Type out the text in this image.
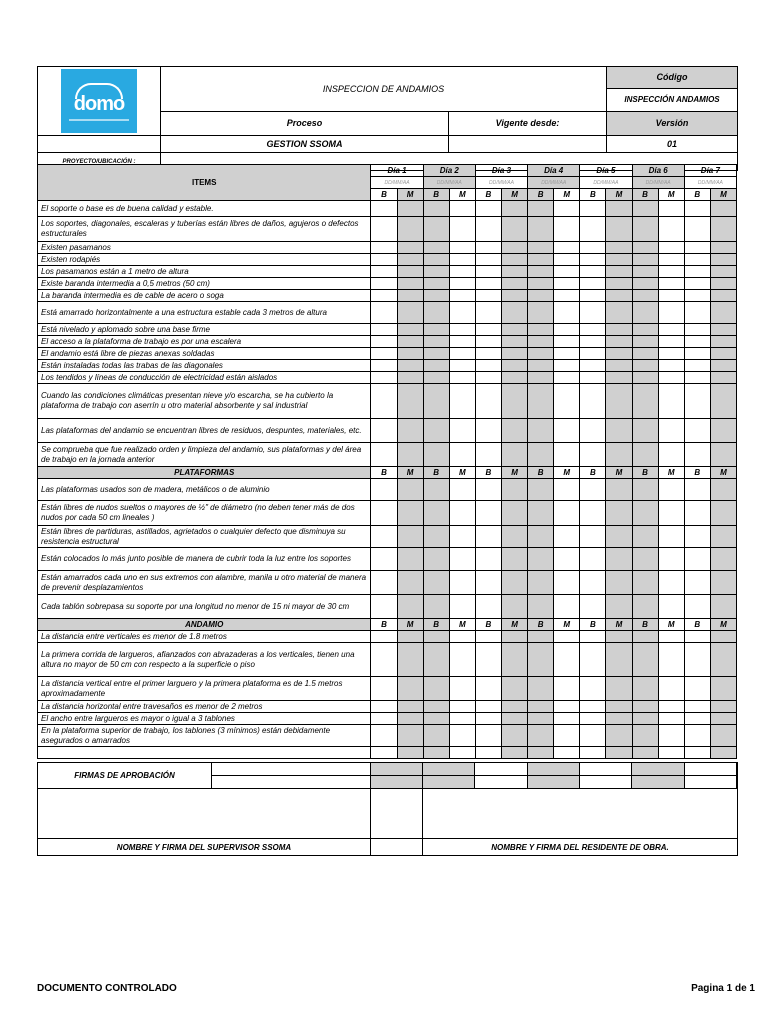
domo	INSPECCION DE ANDAMIOS		Código
			INSPECCIÓN ANDAMIOS
	Proceso	Vigente desde:	Versión
	GESTION SSOMA		01
PROYECTO/UBICACIÓN :			
ITEMS	Día 1		Día 2		Día 3		Día 4		Día 5		Día 6		Día 7	
	DD/MM/AA		DD/MM/AA		DD/MM/AA		DD/MM/AA		DD/MM/AA		DD/MM/AA		DD/MM/AA	
	B	M	B	M	B	M	B	M	B	M	B	M	B	M
El soporte o base es de buena calidad y estable.														
Los soportes, diagonales, escaleras y tuberías están libres de daños, agujeros o defectos estructurales														
Existen pasamanos														
Existen rodapiés														
Los pasamanos están a 1 metro de altura														
Existe baranda intermedia a 0,5 metros (50 cm)														
La baranda intermedia es de cable de acero o soga														
Está amarrado horizontalmente a una estructura estable cada 3 metros de altura														
Está nivelado y aplomado sobre una base firme														
El acceso a la plataforma de trabajo es por una escalera														
El andamio está libre de piezas anexas soldadas														
Están instaladas todas las trabas de las diagonales														
Los tendidos y líneas de conducción de electricidad están aislados														
Cuando las condiciones climáticas presentan nieve y/o escarcha, se ha cubierto la plataforma de trabajo con aserrín u otro material absorbente y sal industrial														
Las plataformas del andamio se encuentran libres de residuos, despuntes, materiales, etc.														
Se comprueba que fue realizado orden y limpieza del andamio, sus plataformas y del área de trabajo en la jornada anterior														
PLATAFORMAS	B	M	B	M	B	M	B	M	B	M	B	M	B	M
Las plataformas usados son de madera, metálicos o de aluminio														
Están libres de nudos sueltos o mayores de ½" de diámetro (no deben tener más de dos nudos por cada 50 cm lineales )														
Están libres de partiduras, astillados, agrietados o cualquier defecto que disminuya su resistencia estructural														
Están colocados lo más junto posible de manera de cubrir toda la luz entre los soportes														
Están amarrados cada uno en sus extremos con alambre, manila u otro material de manera de prevenir desplazamientos														
Cada tablón sobrepasa su soporte por una longitud no menor de 15 ni mayor de 30 cm														
ANDAMIO	B	M	B	M	B	M	B	M	B	M	B	M	B	M
La distancia entre verticales es menor de 1.8 metros														
La primera corrida de largueros, afianzados con abrazaderas a los verticales, tienen una altura no mayor de 50 cm con respecto a la superficie o piso														
La distancia vertical entre el primer larguero y la primera plataforma es de 1.5 metros aproximadamente														
La distancia horizontal entre travesaños es menor de 2 metros														
El ancho entre largueros es mayor o igual a 3 tablones														
En la plataforma superior de trabajo, los tablones (3 mínimos) están debidamente asegurados o amarrados														

FIRMAS DE APROBACIÓN			

NOMBRE Y FIRMA DEL SUPERVISOR SSOMA			NOMBRE Y FIRMA DEL RESIDENTE DE OBRA.
DOCUMENTO CONTROLADO	Pagina 1 de 1
